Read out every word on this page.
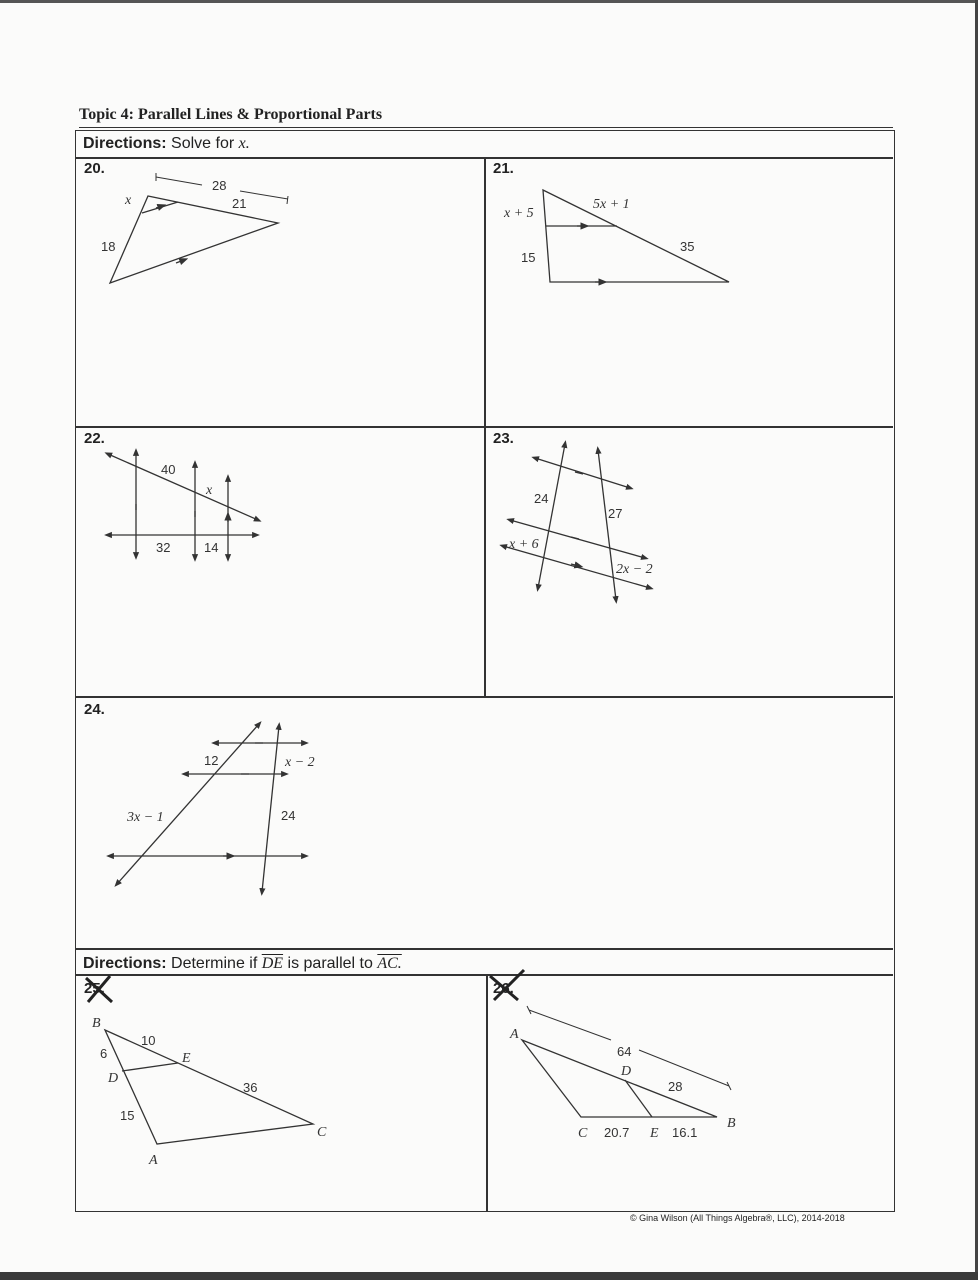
Topic 4: Parallel Lines & Proportional Parts
Directions: Solve for x.
Directions: Determine if $\overline{DE}$ is parallel to AC.
20.	21.
22.	23.
24.
25.	26.
x
28
21
18
x + 5
5x + 1
15
35
40
x
32	14
24
27
x + 6
2x − 2
12	x − 2
3x − 1	24
B
D
E
A
C
6
10
15
36
A
D
C	E
B
64
28
20.7	16.1
© Gina Wilson (All Things Algebra®, LLC), 2014-2018
